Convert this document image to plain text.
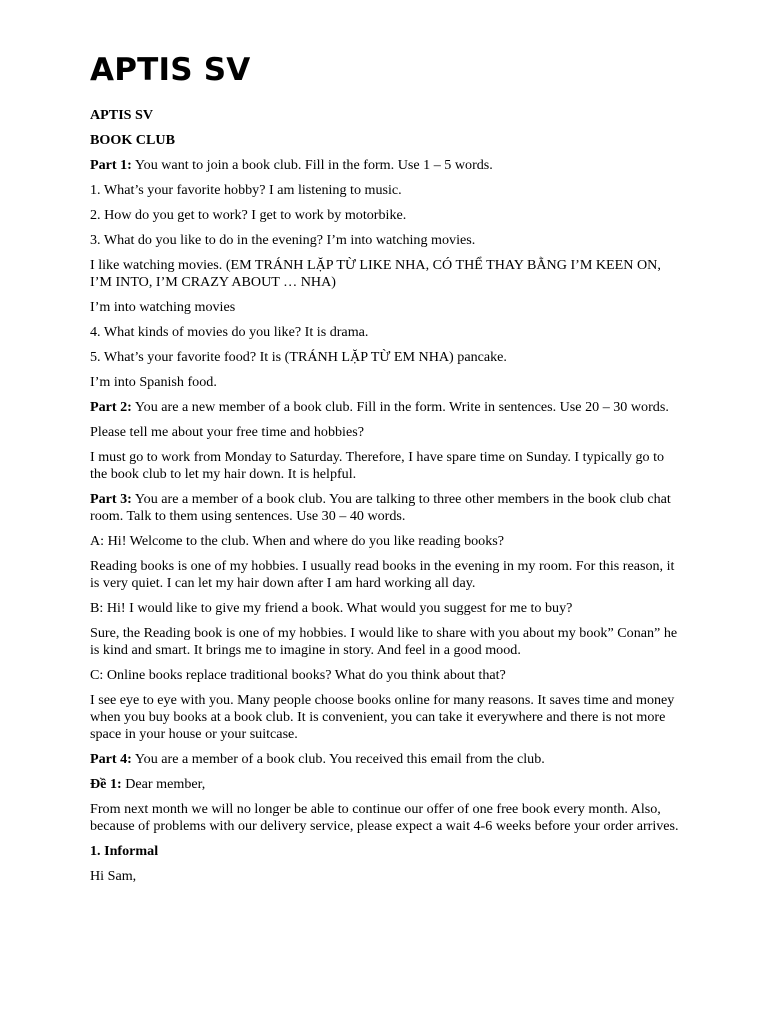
APTIS SV

APTIS SV

BOOK CLUB

Part 1: You want to join a book club. Fill in the form. Use 1 – 5 words.

1. What’s your favorite hobby? I am listening to music.

2. How do you get to work? I get to work by motorbike.

3. What do you like to do in the evening? I’m into watching movies.

I like watching movies. (EM TRÁNH LẶP TỪ LIKE NHA, CÓ THỂ THAY BẰNG I’M KEEN ON, I’M INTO, I’M CRAZY ABOUT … NHA)

I’m into watching movies

4. What kinds of movies do you like? It is drama.

5. What’s your favorite food? It is (TRÁNH LẶP TỪ EM NHA) pancake.

I’m into Spanish food.

Part 2: You are a new member of a book club. Fill in the form. Write in sentences. Use 20 – 30 words.

Please tell me about your free time and hobbies?

I must go to work from Monday to Saturday. Therefore, I have spare time on Sunday. I typically go to the book club to let my hair down. It is helpful.

Part 3: You are a member of a book club. You are talking to three other members in the book club chat room. Talk to them using sentences. Use 30 – 40 words.

A: Hi! Welcome to the club. When and where do you like reading books?

Reading books is one of my hobbies. I usually read books in the evening in my room. For this reason, it is very quiet. I can let my hair down after I am hard working all day.

B: Hi! I would like to give my friend a book. What would you suggest for me to buy?

Sure, the Reading book is one of my hobbies. I would like to share with you about my book” Conan” he is kind and smart. It brings me to imagine in story. And feel in a good mood.

C: Online books replace traditional books? What do you think about that?

I see eye to eye with you. Many people choose books online for many reasons. It saves time and money when you buy books at a book club. It is convenient, you can take it everywhere and there is not more space in your house or your suitcase.

Part 4: You are a member of a book club. You received this email from the club.

Đề 1: Dear member,

From next month we will no longer be able to continue our offer of one free book every month. Also, because of problems with our delivery service, please expect a wait 4-6 weeks before your order arrives.

1. Informal

Hi Sam,
